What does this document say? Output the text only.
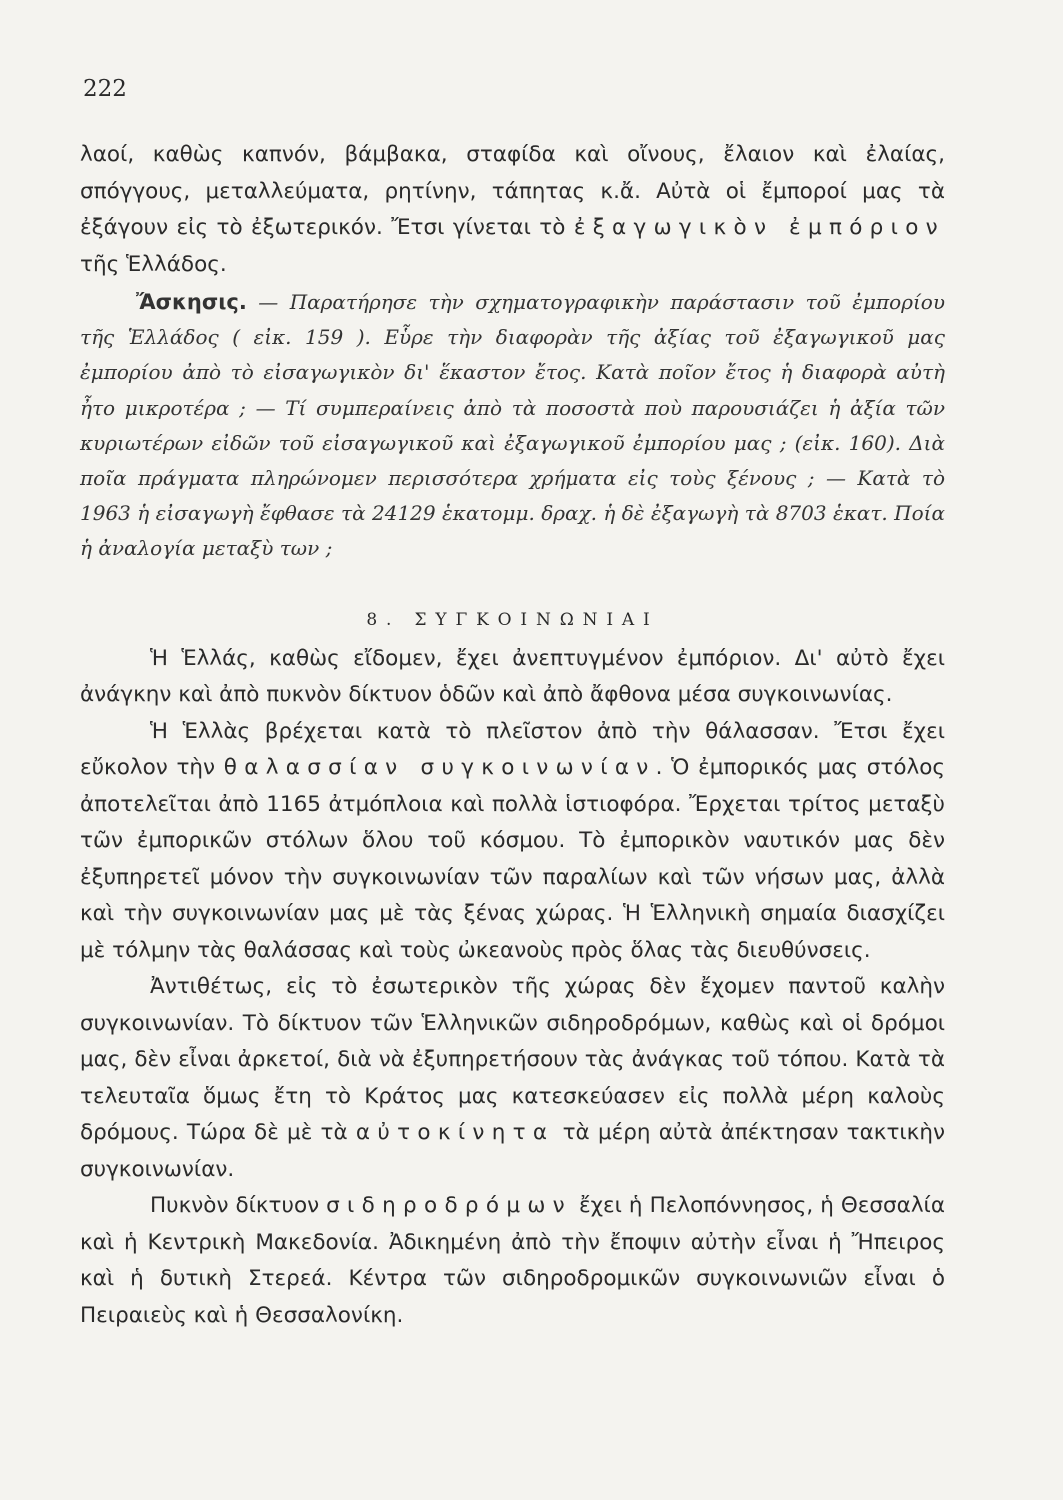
222

λαοί, καθὼς καπνόν, βάμβακα, σταφίδα καὶ οἴνους, ἔλαιον καὶ ἐλαίας, σπόγγους, μεταλλεύματα, ρητίνην, τάπητας κ.ἄ. Αὐτὰ οἱ ἔμποροί μας τὰ ἐξάγουν εἰς τὸ ἐξωτερικόν. Ἔτσι γίνεται τὸ ἐξαγωγικὸν ἐμπόριον τῆς Ἑλλάδος.

Ἄσκησις. — Παρατήρησε τὴν σχηματογραφικὴν παράστασιν τοῦ ἐμπορίου τῆς Ἑλλάδος ( εἰκ. 159 ). Εὗρε τὴν διαφορὰν τῆς ἀξίας τοῦ ἐξαγωγικοῦ μας ἐμπορίου ἀπὸ τὸ εἰσαγωγικὸν δι' ἕκαστον ἔτος. Κατὰ ποῖον ἔτος ἡ διαφορὰ αὐτὴ ἦτο μικροτέρα ; — Τί συμπεραίνεις ἀπὸ τὰ ποσοστὰ ποὺ παρουσιάζει ἡ ἀξία τῶν κυριωτέρων εἰδῶν τοῦ εἰσαγωγικοῦ καὶ ἐξαγωγικοῦ ἐμπορίου μας ; (εἰκ. 160). Διὰ ποῖα πράγματα πληρώνομεν περισσότερα χρήματα εἰς τοὺς ξένους ; — Κατὰ τὸ 1963 ἡ εἰσαγωγὴ ἔφθασε τὰ 24129 ἑκατομμ. δραχ. ἡ δὲ ἐξαγωγὴ τὰ 8703 ἑκατ. Ποία ἡ ἀναλογία μεταξὺ των ;

8. ΣΥΓΚΟΙΝΩΝΙΑΙ

Ἡ Ἑλλάς, καθὼς εἴδομεν, ἔχει ἀνεπτυγμένον ἐμπόριον. Δι' αὐτὸ ἔχει ἀνάγκην καὶ ἀπὸ πυκνὸν δίκτυον ὁδῶν καὶ ἀπὸ ἄφθονα μέσα συγκοινωνίας.

Ἡ Ἑλλὰς βρέχεται κατὰ τὸ πλεῖστον ἀπὸ τὴν θάλασσαν. Ἔτσι ἔχει εὔκολον τὴν θαλασσίαν συγκοινωνίαν. Ὁ ἐμπορικός μας στόλος ἀποτελεῖται ἀπὸ 1165 ἀτμόπλοια καὶ πολλὰ ἱστιοφόρα. Ἔρχεται τρίτος μεταξὺ τῶν ἐμπορικῶν στόλων ὅλου τοῦ κόσμου. Τὸ ἐμπορικὸν ναυτικόν μας δὲν ἐξυπηρετεῖ μόνον τὴν συγκοινωνίαν τῶν παραλίων καὶ τῶν νήσων μας, ἀλλὰ καὶ τὴν συγκοινωνίαν μας μὲ τὰς ξένας χώρας. Ἡ Ἑλληνικὴ σημαία διασχίζει μὲ τόλμην τὰς θαλάσσας καὶ τοὺς ὠκεανοὺς πρὸς ὅλας τὰς διευθύνσεις.

Ἀντιθέτως, εἰς τὸ ἐσωτερικὸν τῆς χώρας δὲν ἔχομεν παντοῦ καλὴν συγκοινωνίαν. Τὸ δίκτυον τῶν Ἑλληνικῶν σιδηροδρόμων, καθὼς καὶ οἱ δρόμοι μας, δὲν εἶναι ἀρκετοί, διὰ νὰ ἐξυπηρετήσουν τὰς ἀνάγκας τοῦ τόπου. Κατὰ τὰ τελευταῖα ὅμως ἔτη τὸ Κράτος μας κατεσκεύασεν εἰς πολλὰ μέρη καλοὺς δρόμους. Τώρα δὲ μὲ τὰ αὐτοκίνητα τὰ μέρη αὐτὰ ἀπέκτησαν τακτικὴν συγκοινωνίαν.

Πυκνὸν δίκτυον σιδηροδρόμων ἔχει ἡ Πελοπόννησος, ἡ Θεσσαλία καὶ ἡ Κεντρικὴ Μακεδονία. Ἀδικημένη ἀπὸ τὴν ἔποψιν αὐτὴν εἶναι ἡ Ἤπειρος καὶ ἡ δυτικὴ Στερεά. Κέντρα τῶν σιδηροδρομικῶν συγκοινωνιῶν εἶναι ὁ Πειραιεὺς καὶ ἡ Θεσσαλονίκη.
